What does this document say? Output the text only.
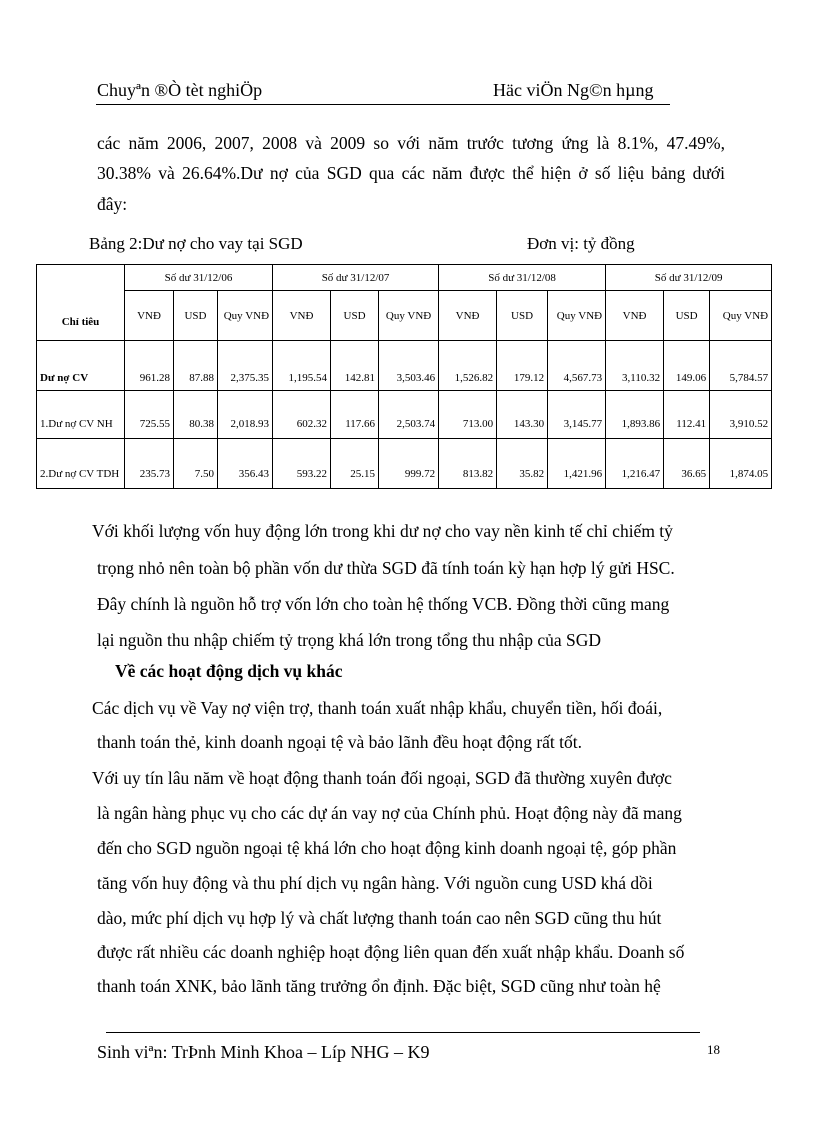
Chuyªn ®Ò tèt nghiÖp	Häc viÖn Ng©n hµng
các năm 2006, 2007, 2008 và 2009 so với năm trước tương ứng là 8.1%, 47.49%,
30.38% và 26.64%.Dư nợ của SGD qua các năm được thể hiện ở số liệu bảng dưới
đây:
Bảng 2:Dư nợ cho vay tại SGD	Đơn vị: tỷ đồng
Chỉ tiêu	Số dư 31/12/06			Số dư 31/12/07			Số dư 31/12/08			Số dư 31/12/09		
	VNĐ	USD	Quy VNĐ	VNĐ	USD	Quy VNĐ	VNĐ	USD	Quy VNĐ	VNĐ	USD	Quy VNĐ
Dư nợ CV	961.28	87.88	2,375.35	1,195.54	142.81	3,503.46	1,526.82	179.12	4,567.73	3,110.32	149.06	5,784.57
1.Dư nợ CV NH	725.55	80.38	2,018.93	602.32	117.66	2,503.74	713.00	143.30	3,145.77	1,893.86	112.41	3,910.52
2.Dư nợ CV TDH	235.73	7.50	356.43	593.22	25.15	999.72	813.82	35.82	1,421.96	1,216.47	36.65	1,874.05
Với khối lượng vốn huy động lớn trong khi dư nợ cho vay nền kinh tế chỉ chiếm tỷ
trọng nhỏ nên toàn bộ phần vốn dư thừa SGD đã tính toán kỳ hạn hợp lý gửi HSC.
Đây chính là nguồn hỗ trợ vốn lớn cho toàn hệ thống VCB. Đồng thời cũng mang
lại nguồn thu nhập chiếm tỷ trọng khá lớn trong tổng thu nhập của SGD
Về các hoạt động dịch vụ khác
Các dịch vụ về Vay nợ viện trợ, thanh toán xuất nhập khẩu, chuyển tiền, hối đoái,
thanh toán thẻ, kinh doanh ngoại tệ và bảo lãnh đều hoạt động rất tốt.
Với uy tín lâu năm về hoạt động thanh toán đối ngoại, SGD đã thường xuyên được
là ngân hàng phục vụ cho các dự án vay nợ của Chính phủ. Hoạt động này đã mang
đến cho SGD nguồn ngoại tệ khá lớn cho hoạt động kinh doanh ngoại tệ, góp phần
tăng vốn huy động và thu phí dịch vụ ngân hàng. Với nguồn cung USD khá dồi
dào, mức phí dịch vụ hợp lý và chất lượng thanh toán cao nên SGD cũng thu hút
được rất nhiều các doanh nghiệp hoạt động liên quan đến xuất nhập khẩu. Doanh số
thanh toán XNK, bảo lãnh tăng trưởng ổn định. Đặc biệt, SGD cũng như toàn hệ
Sinh viªn: TrÞnh Minh Khoa – Líp NHG – K9	18
